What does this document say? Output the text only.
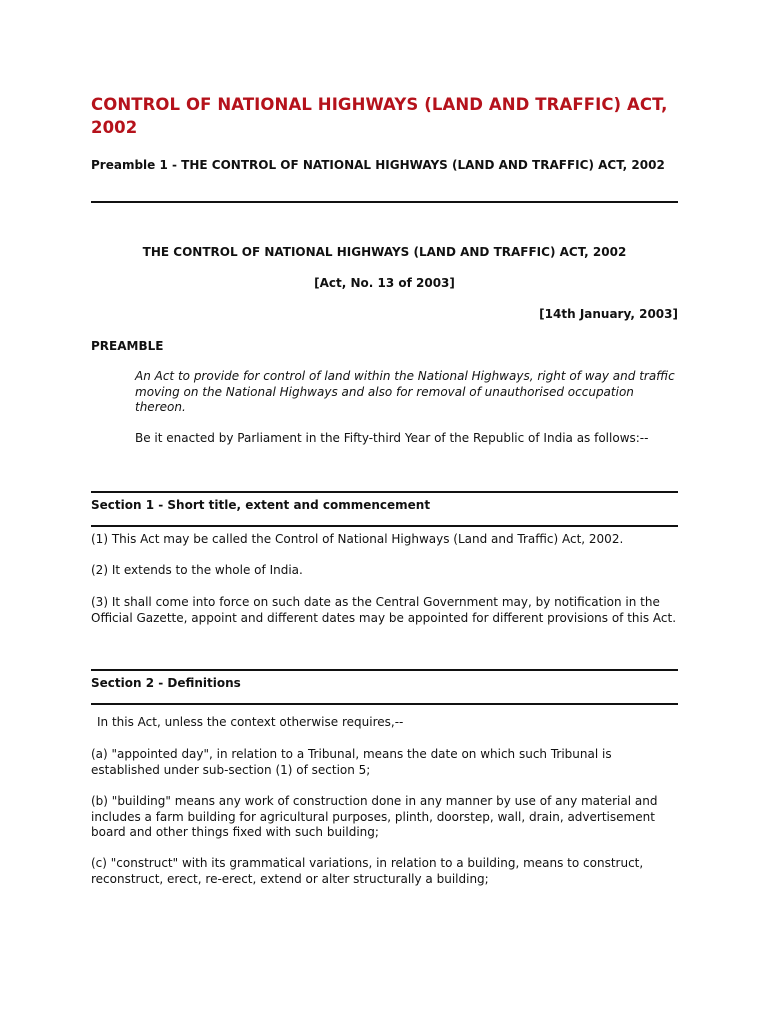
CONTROL OF NATIONAL HIGHWAYS (LAND AND TRAFFIC) ACT, 2002
Preamble 1 - THE CONTROL OF NATIONAL HIGHWAYS (LAND AND TRAFFIC) ACT, 2002
THE CONTROL OF NATIONAL HIGHWAYS (LAND AND TRAFFIC) ACT, 2002
[Act, No. 13 of 2003]
[14th January, 2003]
PREAMBLE

An Act to provide for control of land within the National Highways, right of way and traffic moving on the National Highways and also for removal of unauthorised occupation thereon.

Be it enacted by Parliament in the Fifty-third Year of the Republic of India as follows:--

Section 1 - Short title, extent and commencement

(1) This Act may be called the Control of National Highways (Land and Traffic) Act, 2002.

(2) It extends to the whole of India.

(3) It shall come into force on such date as the Central Government may, by notification in the Official Gazette, appoint and different dates may be appointed for different provisions of this Act.

Section 2 - Definitions

In this Act, unless the context otherwise requires,--

(a) "appointed day", in relation to a Tribunal, means the date on which such Tribunal is established under sub-section (1) of section 5;

(b) "building" means any work of construction done in any manner by use of any material and includes a farm building for agricultural purposes, plinth, doorstep, wall, drain, advertisement board and other things fixed with such building;

(c) "construct" with its grammatical variations, in relation to a building, means to construct, reconstruct, erect, re-erect, extend or alter structurally a building;
